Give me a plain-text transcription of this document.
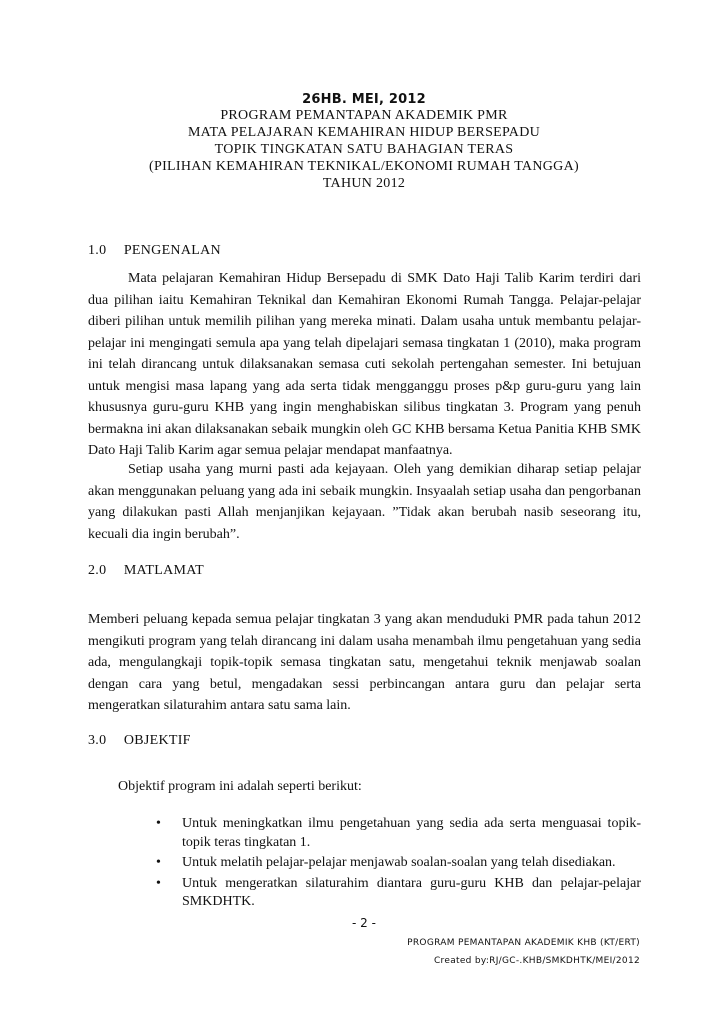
26HB. MEI, 2012
PROGRAM PEMANTAPAN AKADEMIK PMR
MATA PELAJARAN KEMAHIRAN HIDUP BERSEPADU
TOPIK TINGKATAN SATU BAHAGIAN TERAS
(PILIHAN KEMAHIRAN TEKNIKAL/EKONOMI RUMAH TANGGA)
TAHUN 2012
1.0 PENGENALAN

Mata pelajaran Kemahiran Hidup Bersepadu di SMK Dato Haji Talib Karim terdiri dari dua pilihan iaitu Kemahiran Teknikal dan Kemahiran Ekonomi Rumah Tangga. Pelajar-pelajar diberi pilihan untuk memilih pilihan yang mereka minati. Dalam usaha untuk membantu pelajar-pelajar ini mengingati semula apa yang telah dipelajari semasa tingkatan 1 (2010), maka program ini telah dirancang untuk dilaksanakan semasa cuti sekolah pertengahan semester. Ini betujuan untuk mengisi masa lapang yang ada serta tidak mengganggu proses p&p guru-guru yang lain khususnya guru-guru KHB yang ingin menghabiskan silibus tingkatan 3. Program yang penuh bermakna ini akan dilaksanakan sebaik mungkin oleh GC KHB bersama Ketua Panitia KHB SMK Dato Haji Talib Karim agar semua pelajar mendapat manfaatnya.

Setiap usaha yang murni pasti ada kejayaan. Oleh yang demikian diharap setiap pelajar akan menggunakan peluang yang ada ini sebaik mungkin. Insyaalah setiap usaha dan pengorbanan yang dilakukan pasti Allah menjanjikan kejayaan. ”Tidak akan berubah nasib seseorang itu, kecuali dia ingin berubah”.

2.0 MATLAMAT

Memberi peluang kepada semua pelajar tingkatan 3 yang akan menduduki PMR pada tahun 2012 mengikuti program yang telah dirancang ini dalam usaha menambah ilmu pengetahuan yang sedia ada, mengulangkaji topik-topik semasa tingkatan satu, mengetahui teknik menjawab soalan dengan cara yang betul, mengadakan sessi perbincangan antara guru dan pelajar serta mengeratkan silaturahim antara satu sama lain.

3.0 OBJEKTIF
Objektif program ini adalah seperti berikut:
• Untuk meningkatkan ilmu pengetahuan yang sedia ada serta menguasai topik-topik teras tingkatan 1.
• Untuk melatih pelajar-pelajar menjawab soalan-soalan yang telah disediakan.
• Untuk mengeratkan silaturahim diantara guru-guru KHB dan pelajar-pelajar SMKDHTK.
- 2 -
PROGRAM PEMANTAPAN AKADEMIK KHB (KT/ERT)
Created by:RJ/GC-.KHB/SMKDHTK/MEI/2012
